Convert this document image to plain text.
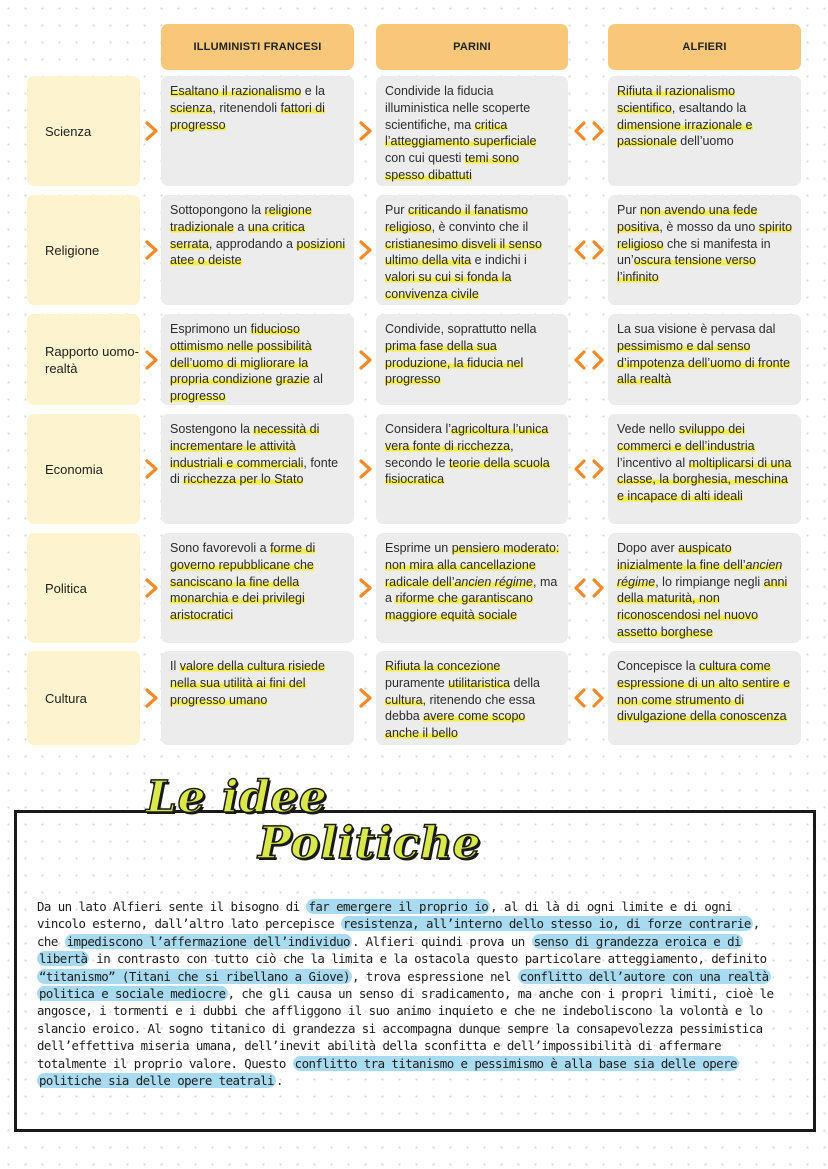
ILLUMINISTI FRANCESI	PARINI	ALFIERI
Scienza
Esaltano il razionalismo e la scienza, ritenendoli fattori di progresso
Condivide la fiducia illuministica nelle scoperte scientifiche, ma critica l’atteggiamento superficiale con cui questi temi sono spesso dibattuti
Rifiuta il razionalismo scientifico, esaltando la dimensione irrazionale e passionale dell’uomo
Religione
Sottopongono la religione tradizionale a una critica serrata, approdando a posizioni atee o deiste
Pur criticando il fanatismo religioso, è convinto che il cristianesimo disveli il senso ultimo della vita e indichi i valori su cui si fonda la convivenza civile
Pur non avendo una fede positiva, è mosso da uno spirito religioso che si manifesta in un’oscura tensione verso l’infinito
Rapporto uomo-realtà
Esprimono un fiducioso ottimismo nelle possibilità dell’uomo di migliorare la propria condizione grazie al progresso
Condivide, soprattutto nella prima fase della sua produzione, la fiducia nel progresso
La sua visione è pervasa dal pessimismo e dal senso d’impotenza dell’uomo di fronte alla realtà
Economia
Sostengono la necessità di incrementare le attività industriali e commerciali, fonte di ricchezza per lo Stato
Considera l’agricoltura l’unica vera fonte di ricchezza, secondo le teorie della scuola fisiocratica
Vede nello sviluppo dei commerci e dell’industria l’incentivo al moltiplicarsi di una classe, la borghesia, meschina e incapace di alti ideali
Politica
Sono favorevoli a forme di governo repubblicane che sanciscano la fine della monarchia e dei privilegi aristocratici
Esprime un pensiero moderato: non mira alla cancellazione radicale dell’ancien régime, ma a riforme che garantiscano maggiore equità sociale
Dopo aver auspicato inizialmente la fine dell’ancien régime, lo rimpiange negli anni della maturità, non riconoscendosi nel nuovo assetto borghese
Cultura
Il valore della cultura risiede nella sua utilità ai fini del progresso umano
Rifiuta la concezione puramente utilitaristica della cultura, ritenendo che essa debba avere come scopo anche il bello
Concepisce la cultura come espressione di un alto sentire e non come strumento di divulgazione della conoscenza
Le idee
Politiche
Da un lato Alfieri sente il bisogno di far emergere il proprio io , al di là di ogni limite e di ogni vincolo esterno, dall’altro lato percepisce resistenza, all’interno dello stesso io, di forze contrarie , che impediscono l’affermazione dell’individuo . Alfieri quindi prova un senso di grandezza eroica e di libertà in contrasto con tutto ciò che la limita e la ostacola questo particolare atteggiamento, definito “titanismo” (Titani che si ribellano a Giove) , trova espressione nel conflitto dell’autore con una realtà politica e sociale mediocre , che gli causa un senso di sradicamento, ma anche con i propri limiti, cioè le angosce, i tormenti e i dubbi che affliggono il suo animo inquieto e che ne indeboliscono la volontà e lo slancio eroico. Al sogno titanico di grandezza si accompagna dunque sempre la consapevolezza pessimistica dell’effettiva miseria umana, dell’inevit abilità della sconfitta e dell’impossibilità di affermare totalmente il proprio valore. Questo conflitto tra titanismo e pessimismo è alla base sia delle opere politiche sia delle opere teatrali .
